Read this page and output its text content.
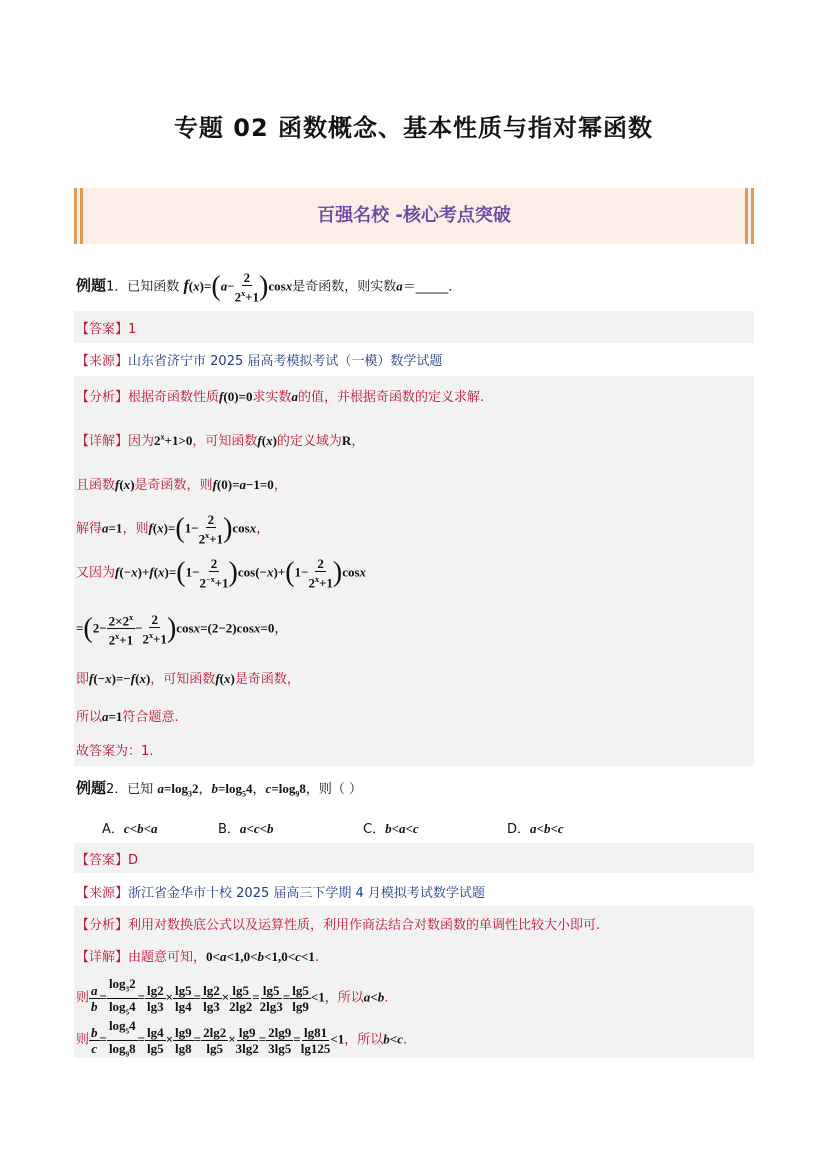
专题 02 函数概念、基本性质与指对幂函数
百强名校 -核心考点突破
例题1．已知函数 $f(x)=(a- \frac{2}{2^x+1} )\cos x$是奇函数，则实数a＝_____．
【答案】1
【来源】山东省济宁市 2025 届高考模拟考试（一模）数学试题
【分析】根据奇函数性质f(0)=0求实数a的值，并根据奇函数的定义求解.
【详解】因为$2^x+1>0$，可知函数f(x)的定义域为R，
且函数f(x)是奇函数，则f(0)=a−1=0，
解得a=1，则$f(x)=(1- \frac{2}{2^x+1} )\cos x$，
又因为$f(-x)+f(x)=(1- \frac{2}{2^{-x}+1} )\cos(-x)+(1- \frac{2}{2^x+1} )\cos x$
$=(2- \frac{2\times 2^x}{2^x+1} - \frac{2}{2^x+1} )\cos x=(2-2)\cos x=0$，
即f(−x)=−f(x)，可知函数f(x)是奇函数，
所以a=1符合题意.
故答案为：1.
例题2．已知 $a=\log_32$，$b=\log_54$，$c=\log_98$，则（ ）
A．c<b<a	B．a<c<b	C．b<a<c	D．a<b<c
【答案】D
【来源】浙江省金华市十校 2025 届高三下学期 4 月模拟考试数学试题
【分析】利用对数换底公式以及运算性质，利用作商法结合对数函数的单调性比较大小即可.
【详解】由题意可知，0<a<1,0<b<1,0<c<1.
则 $\frac{a}{b} = \frac{\log_32}{\log_54} = \frac{\lg 2}{\lg 3} \times \frac{\lg 5}{\lg 4} = \frac{\lg 2}{\lg 3} \times \frac{\lg 5}{2\lg 2} = \frac{\lg 5}{2\lg 3} = \frac{\lg 5}{\lg 9} <1$，所以a<b.
则 $\frac{b}{c} = \frac{\log_54}{\log_98} = \frac{\lg 4}{\lg 5} \times \frac{\lg 9}{\lg 8} = \frac{2\lg 2}{\lg 5} \times \frac{\lg 9}{3\lg 2} = \frac{2\lg 9}{3\lg 5} = \frac{\lg 81}{\lg 125} <1$，所以b<c.
